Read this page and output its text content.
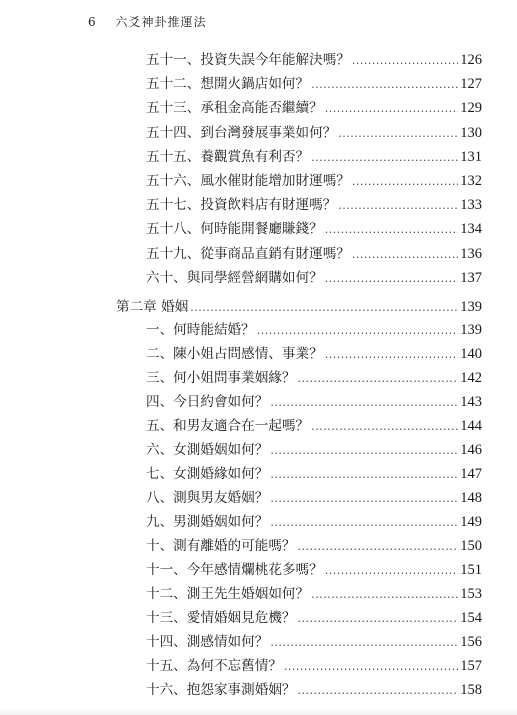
6 六爻神卦推運法
五十一、投資失誤今年能解決嗎？ .....	126
五十二、想開火鍋店如何？ .....	127
五十三、承租金高能否繼續？ .....	129
五十四、到台灣發展事業如何？ .....	130
五十五、養觀賞魚有利否？ .....	131
五十六、風水催財能增加財運嗎？ .....	132
五十七、投資飲料店有財運嗎？ .....	133
五十八、何時能開餐廳賺錢？ .....	134
五十九、從事商品直銷有財運嗎？ .....	136
六十、與同學經營網購如何？ .....	137
第二章 婚姻 .....	139
一、何時能結婚？ .....	139
二、陳小姐占問感情、事業？ .....	140
三、何小姐問事業姻緣？ .....	142
四、今日約會如何？ .....	143
五、和男友適合在一起嗎？ .....	144
六、女測婚姻如何？ .....	146
七、女測婚緣如何？ .....	147
八、測與男友婚姻？ .....	148
九、男測婚姻如何？ .....	149
十、測有離婚的可能嗎？ .....	150
十一、今年感情爛桃花多嗎？ .....	151
十二、測王先生婚姻如何？ .....	153
十三、愛情婚姻見危機？ .....	154
十四、測感情如何？ .....	156
十五、為何不忘舊情？ .....	157
十六、抱怨家事測婚姻？ .....	158
